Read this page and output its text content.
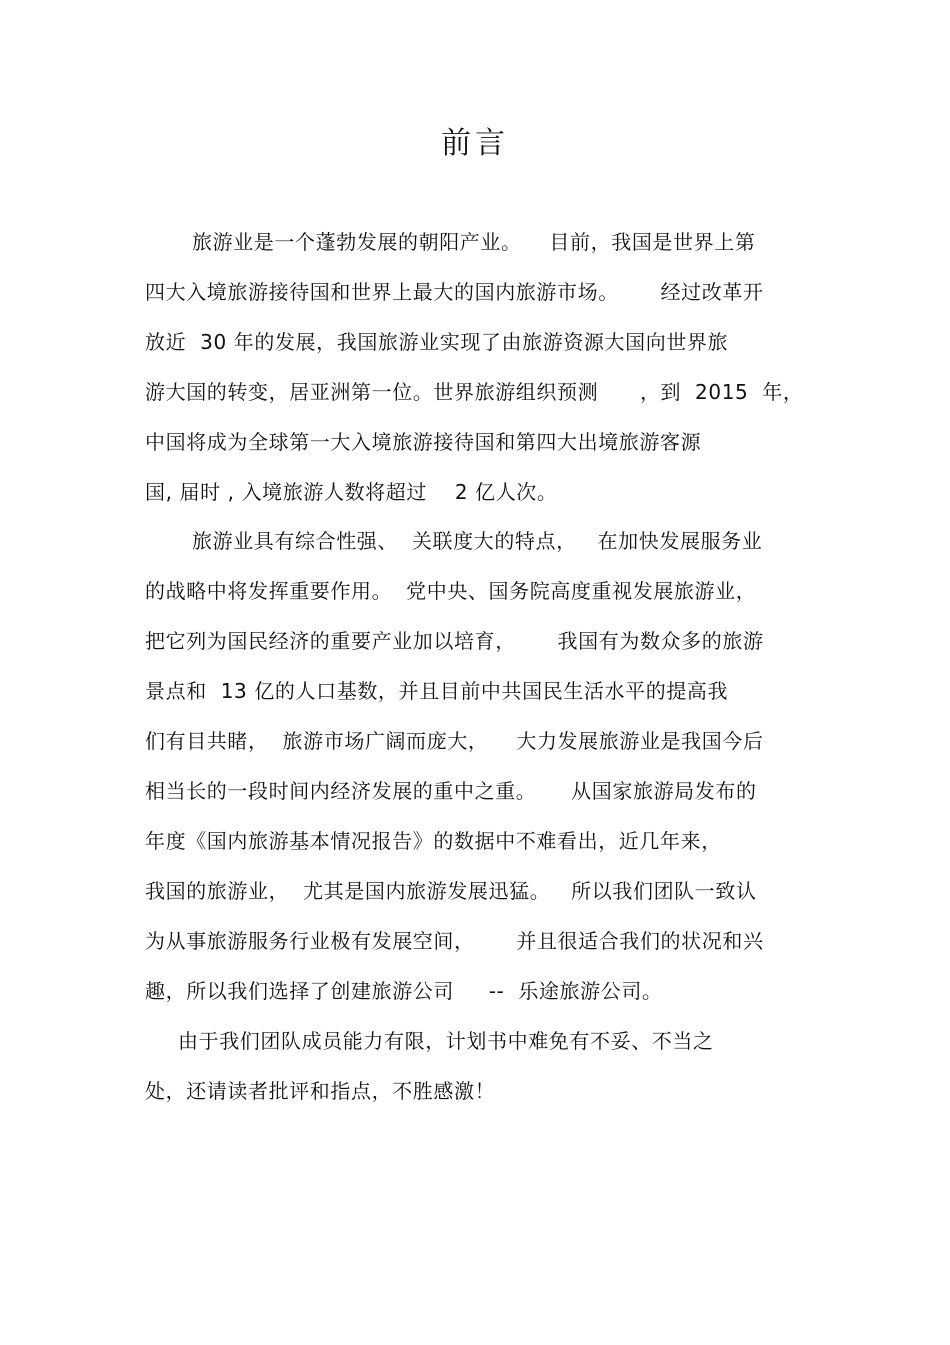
前言
旅游业是一个蓬勃发展的朝阳产业。    目前，我国是世界上第
四大入境旅游接待国和世界上最大的国内旅游市场。      经过改革开
放近  30 年的发展，我国旅游业实现了由旅游资源大国向世界旅
游大国的转变，居亚洲第一位。世界旅游组织预测      ，到  2015  年，
中国将成为全球第一大入境旅游接待国和第四大出境旅游客源
国, 届时 , 入境旅游人数将超过    2 亿人次。
旅游业具有综合性强、  关联度大的特点，   在加快发展服务业
的战略中将发挥重要作用。  党中央、国务院高度重视发展旅游业，
把它列为国民经济的重要产业加以培育，      我国有为数众多的旅游
景点和  13 亿的人口基数，并且目前中共国民生活水平的提高我
们有目共睹，  旅游市场广阔而庞大，    大力发展旅游业是我国今后
相当长的一段时间内经济发展的重中之重。     从国家旅游局发布的
年度《国内旅游基本情况报告》的数据中不难看出，近几年来，
我国的旅游业，  尤其是国内旅游发展迅猛。   所以我们团队一致认
为从事旅游服务行业极有发展空间，      并且很适合我们的状况和兴
趣，所以我们选择了创建旅游公司     --  乐途旅游公司。
由于我们团队成员能力有限，计划书中难免有不妥、不当之
处，还请读者批评和指点，不胜感激！
